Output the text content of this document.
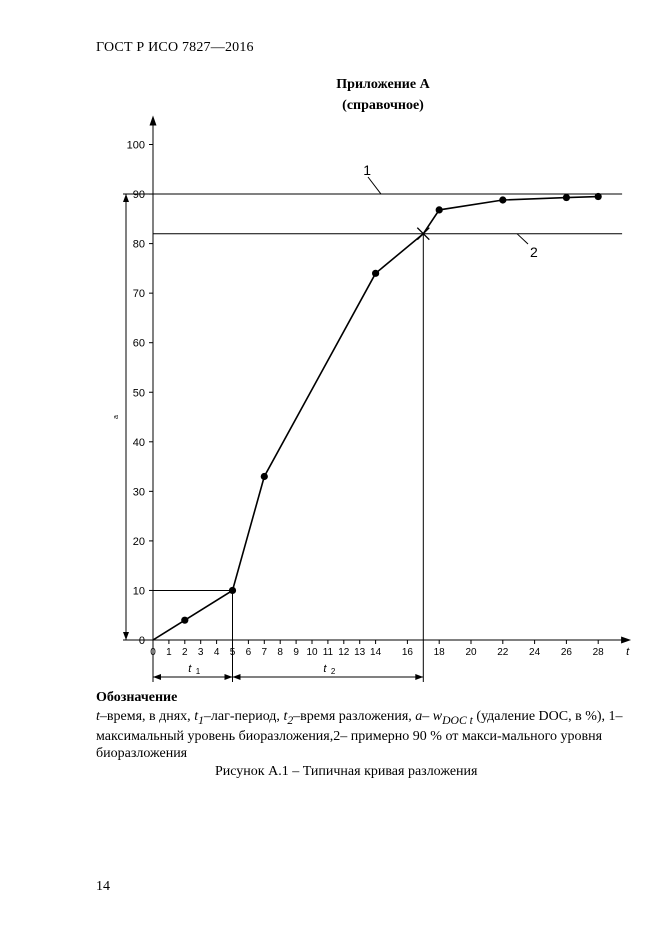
ГОСТ Р ИСО 7827—2016
Приложение А
(справочное)
0
10
20
30
40
50
60
70
80
90
100
0 1 2 3 4 5 6 7 8 9 10 11 12 13 14 16 18 20 22 24 26 28 t
1
2
a
t 1	t 2
Обозначение
t–время, в днях, $t_1-лаг$-период, $t_2$–время разложения, a– $w_{DOC t}$ (удаление DOC, в %), 1–максимальный уровень биоразложения,2– примерно 90 % от макси-мального уровня биоразложения
Рисунок А.1 – Типичная кривая разложения
14
